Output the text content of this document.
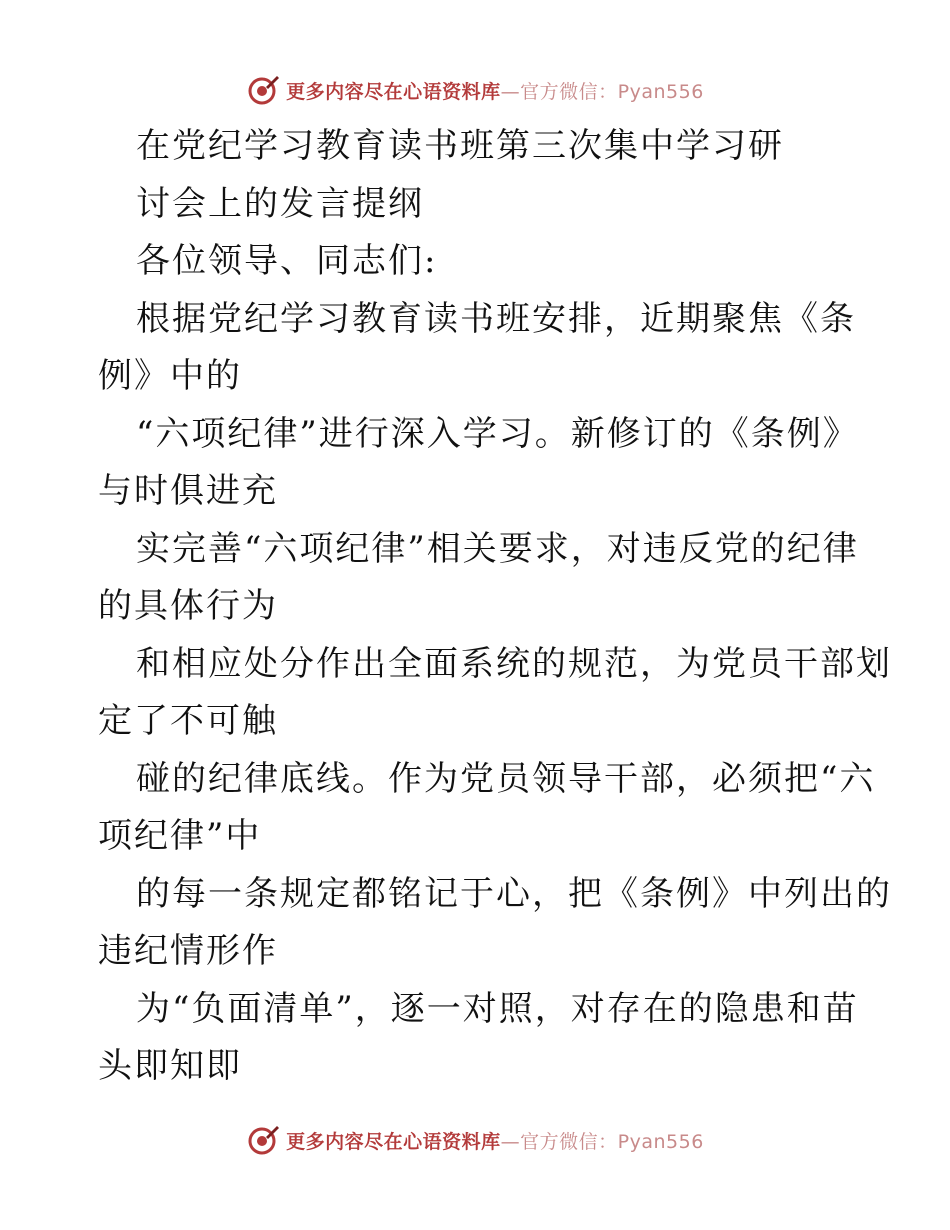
更多内容尽在心语资料库—官方微信：Pyan556
在党纪学习教育读书班第三次集中学习研
讨会上的发言提纲
各位领导、同志们:
根据党纪学习教育读书班安排，近期聚焦《条
例》中的
“六项纪律”进行深入学习。新修订的《条例》
与时俱进充
实完善“六项纪律”相关要求，对违反党的纪律
的具体行为
和相应处分作出全面系统的规范，为党员干部划
定了不可触
碰的纪律底线。作为党员领导干部，必须把“六
项纪律”中
的每一条规定都铭记于心，把《条例》中列出的
违纪情形作
为“负面清单”，逐一对照，对存在的隐患和苗
头即知即
更多内容尽在心语资料库—官方微信：Pyan556
